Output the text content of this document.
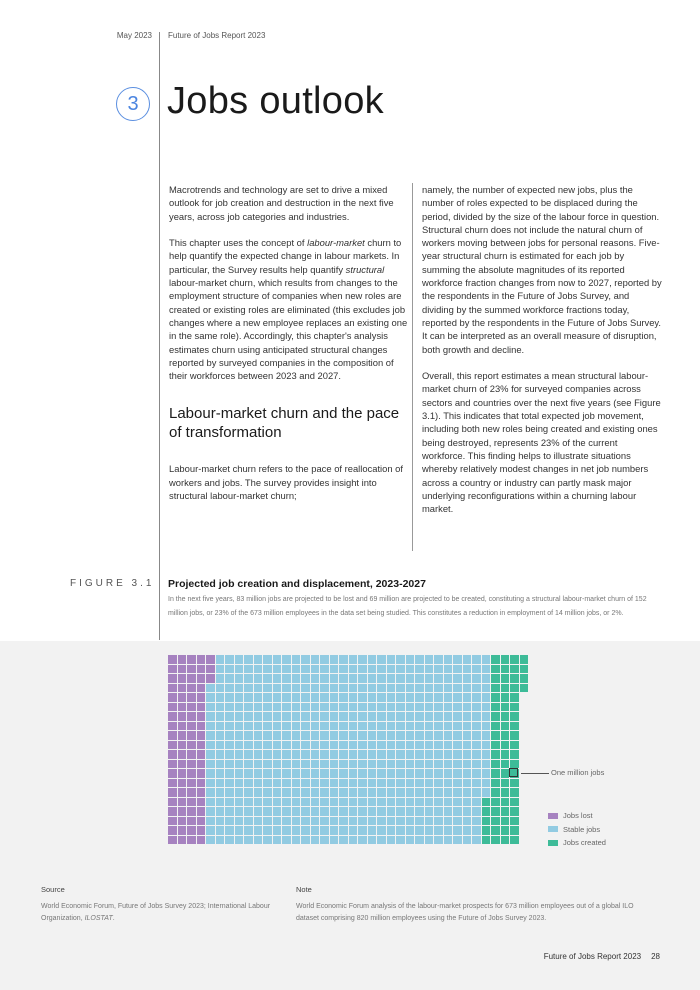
May 2023 Future of Jobs Report 2023
3 Jobs outlook

Macrotrends and technology are set to drive a mixed outlook for job creation and destruction in the next five years, across job categories and industries.

This chapter uses the concept of labour-market churn to help quantify the expected change in labour markets. In particular, the Survey results help quantify structural labour-market churn, which results from changes to the employment structure of companies when new roles are created or existing roles are eliminated (this excludes job changes where a new employee replaces an existing one in the same role). Accordingly, this chapter's analysis estimates churn using anticipated structural changes reported by surveyed companies in the composition of their workforces between 2023 and 2027.

Labour-market churn and the pace of transformation

Labour-market churn refers to the pace of reallocation of workers and jobs. The survey provides insight into structural labour-market churn;

namely, the number of expected new jobs, plus the number of roles expected to be displaced during the period, divided by the size of the labour force in question. Structural churn does not include the natural churn of workers moving between jobs for personal reasons. Five-year structural churn is estimated for each job by summing the absolute magnitudes of its reported workforce fraction changes from now to 2027, reported by the respondents in the Future of Jobs Survey, and dividing by the summed workforce fractions today, reported by the respondents in the Future of Jobs Survey. It can be interpreted as an overall measure of disruption, both growth and decline.

Overall, this report estimates a mean structural labour-market churn of 23% for surveyed companies across sectors and countries over the next five years (see Figure 3.1). This indicates that total expected job movement, including both new roles being created and existing ones being destroyed, represents 23% of the current workforce. This finding helps to illustrate situations whereby relatively modest changes in net job numbers across a country or industry can partly mask major underlying reconfigurations within a churning labour market.

FIGURE 3.1 Projected job creation and displacement, 2023-2027
In the next five years, 83 million jobs are projected to be lost and 69 million are projected to be created, constituting a structural labour-market churn of 152 million jobs, or 23% of the 673 million employees in the data set being studied. This constitutes a reduction in employment of 14 million jobs, or 2%.
One million jobs
Jobs lost
Stable jobs
Jobs created
Source
World Economic Forum, Future of Jobs Survey 2023; International Labour Organization, ILOSTAT.
Note
World Economic Forum analysis of the labour-market prospects for 673 million employees out of a global ILO dataset comprising 820 million employees using the Future of Jobs Survey 2023.
Future of Jobs Report 2023 28
